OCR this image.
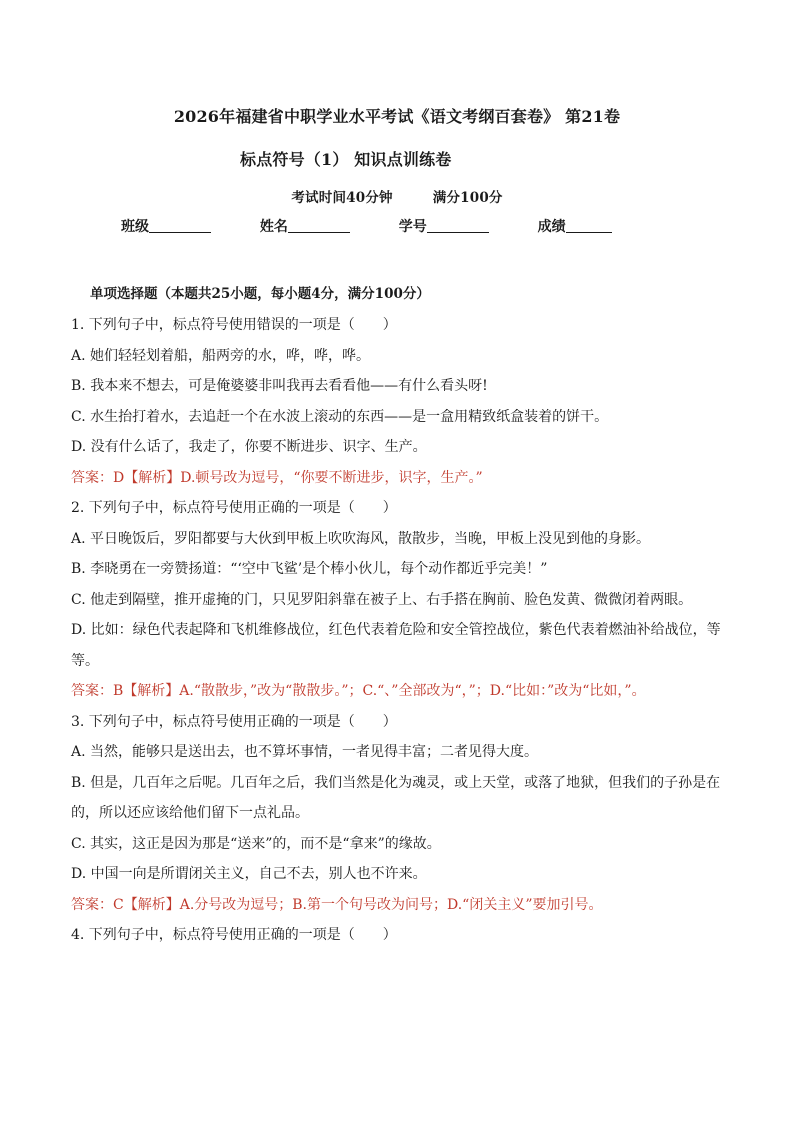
2026年福建省中职学业水平考试《语文考纲百套卷》 第21卷
标点符号（1） 知识点训练卷
考试时间40分钟	满分100分
班级	姓名	学号	成绩
单项选择题（本题共25小题，每小题4分，满分100分）

1. 下列句子中，标点符号使用错误的一项是（　　）

A. 她们轻轻划着船，船两旁的水，哗，哗，哗。

B. 我本来不想去，可是俺婆婆非叫我再去看看他——有什么看头呀!

C. 水生抬打着水，去追赶一个在水波上滚动的东西——是一盒用精致纸盒装着的饼干。

D. 没有什么话了，我走了，你要不断进步、识字、生产。

答案：D【解析】D.顿号改为逗号，“你要不断进步，识字，生产。”

2. 下列句子中，标点符号使用正确的一项是（　　）

A. 平日晚饭后，罗阳都要与大伙到甲板上吹吹海风，散散步，当晚，甲板上没见到他的身影。

B. 李晓勇在一旁赞扬道：“‘空中飞鲨’是个棒小伙儿，每个动作都近乎完美！”

C. 他走到隔壁，推开虚掩的门，只见罗阳斜靠在被子上、右手搭在胸前、脸色发黄、微微闭着两眼。

D. 比如：绿色代表起降和飞机维修战位，红色代表着危险和安全管控战位，紫色代表着燃油补给战位，等等。

答案：B【解析】A.“散散步，”改为“散散步。”；C.“、”全部改为“，”；D.“比如：”改为“比如，”。

3. 下列句子中，标点符号使用正确的一项是（　　）

A. 当然，能够只是送出去，也不算坏事情，一者见得丰富；二者见得大度。

B. 但是，几百年之后呢。几百年之后，我们当然是化为魂灵，或上天堂，或落了地狱，但我们的子孙是在的，所以还应该给他们留下一点礼品。

C. 其实，这正是因为那是“送来”的，而不是“拿来”的缘故。

D. 中国一向是所谓闭关主义，自己不去，别人也不许来。

答案：C【解析】A.分号改为逗号；B.第一个句号改为问号；D.“闭关主义”要加引号。

4. 下列句子中，标点符号使用正确的一项是（　　）
